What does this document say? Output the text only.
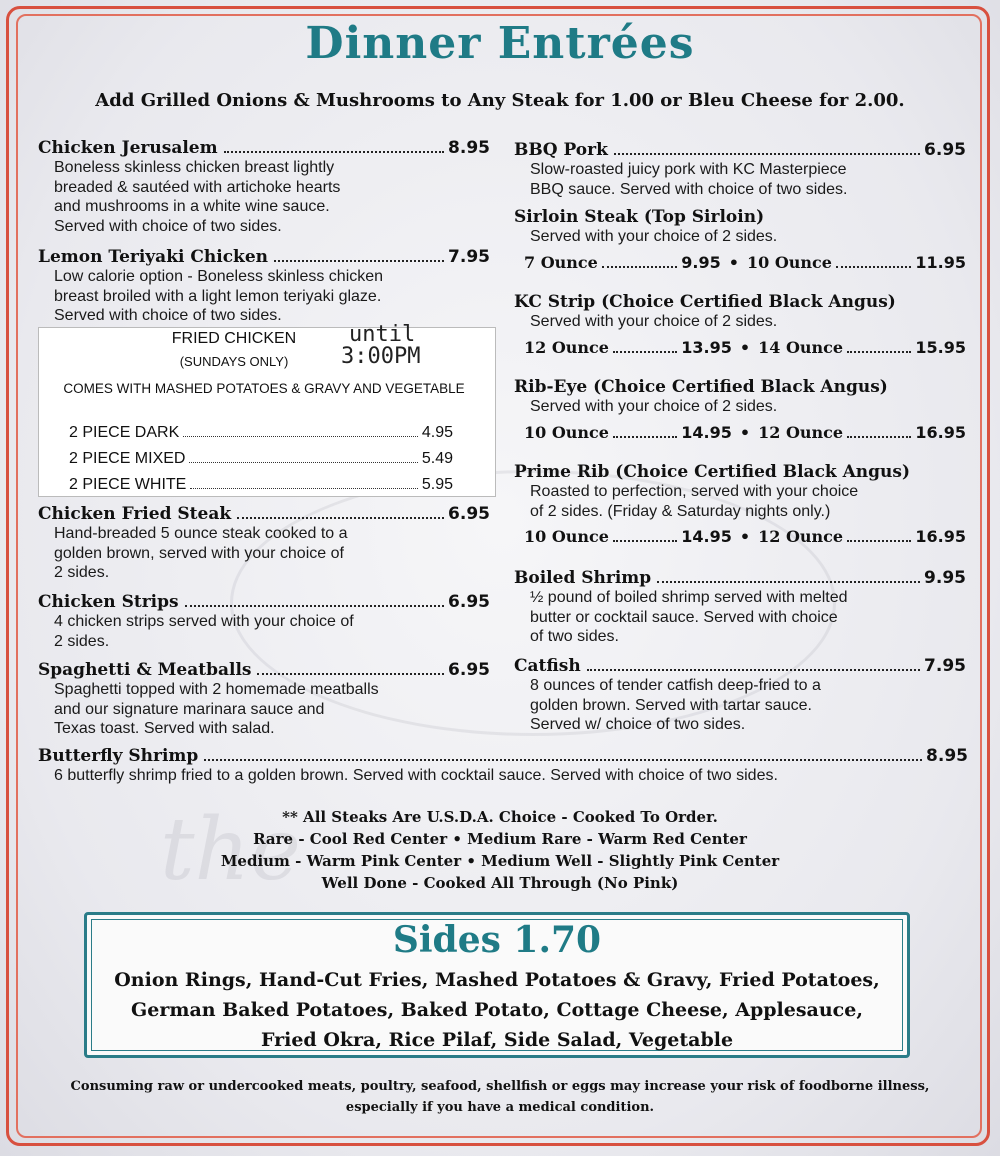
the
Dinner Entrées
Add Grilled Onions & Mushrooms to Any Steak for 1.00 or Bleu Cheese for 2.00.
Chicken Jerusalem	8.95
Boneless skinless chicken breast lightly
breaded & sautéed with artichoke hearts
and mushrooms in a white wine sauce.
Served with choice of two sides.
Lemon Teriyaki Chicken	7.95
Low calorie option - Boneless skinless chicken
breast broiled with a light lemon teriyaki glaze.
Served with choice of two sides.
FRIED CHICKEN
(SUNDAYS ONLY)
until
3:00PM
COMES WITH MASHED POTATOES & GRAVY AND VEGETABLE
2 PIECE DARK	4.95
2 PIECE MIXED	5.49
2 PIECE WHITE	5.95
Chicken Fried Steak	6.95
Hand-breaded 5 ounce steak cooked to a
golden brown, served with your choice of
2 sides.
Chicken Strips	6.95
4 chicken strips served with your choice of
2 sides.
Spaghetti & Meatballs	6.95
Spaghetti topped with 2 homemade meatballs
and our signature marinara sauce and
Texas toast. Served with salad.
BBQ Pork	6.95
Slow-roasted juicy pork with KC Masterpiece
BBQ sauce. Served with choice of two sides.
Sirloin Steak (Top Sirloin)
Served with your choice of 2 sides.
7 Ounce	9.95 • 10 Ounce	11.95
KC Strip (Choice Certified Black Angus)
Served with your choice of 2 sides.
12 Ounce	13.95 • 14 Ounce	15.95
Rib-Eye (Choice Certified Black Angus)
Served with your choice of 2 sides.
10 Ounce	14.95 • 12 Ounce	16.95
Prime Rib (Choice Certified Black Angus)
Roasted to perfection, served with your choice
of 2 sides. (Friday & Saturday nights only.)
10 Ounce	14.95 • 12 Ounce	16.95
Boiled Shrimp	9.95
½ pound of boiled shrimp served with melted
butter or cocktail sauce. Served with choice
of two sides.
Catfish	7.95
8 ounces of tender catfish deep-fried to a
golden brown. Served with tartar sauce.
Served w/ choice of two sides.
Butterfly Shrimp	8.95
6 butterfly shrimp fried to a golden brown. Served with cocktail sauce. Served with choice of two sides.
** All Steaks Are U.S.D.A. Choice - Cooked To Order.
Rare - Cool Red Center • Medium Rare - Warm Red Center
Medium - Warm Pink Center • Medium Well - Slightly Pink Center
Well Done - Cooked All Through (No Pink)
Sides 1.70
Onion Rings, Hand-Cut Fries, Mashed Potatoes & Gravy, Fried Potatoes,
German Baked Potatoes, Baked Potato, Cottage Cheese, Applesauce,
Fried Okra, Rice Pilaf, Side Salad, Vegetable
Consuming raw or undercooked meats, poultry, seafood, shellfish or eggs may increase your risk of foodborne illness, especially if you have a medical condition.
